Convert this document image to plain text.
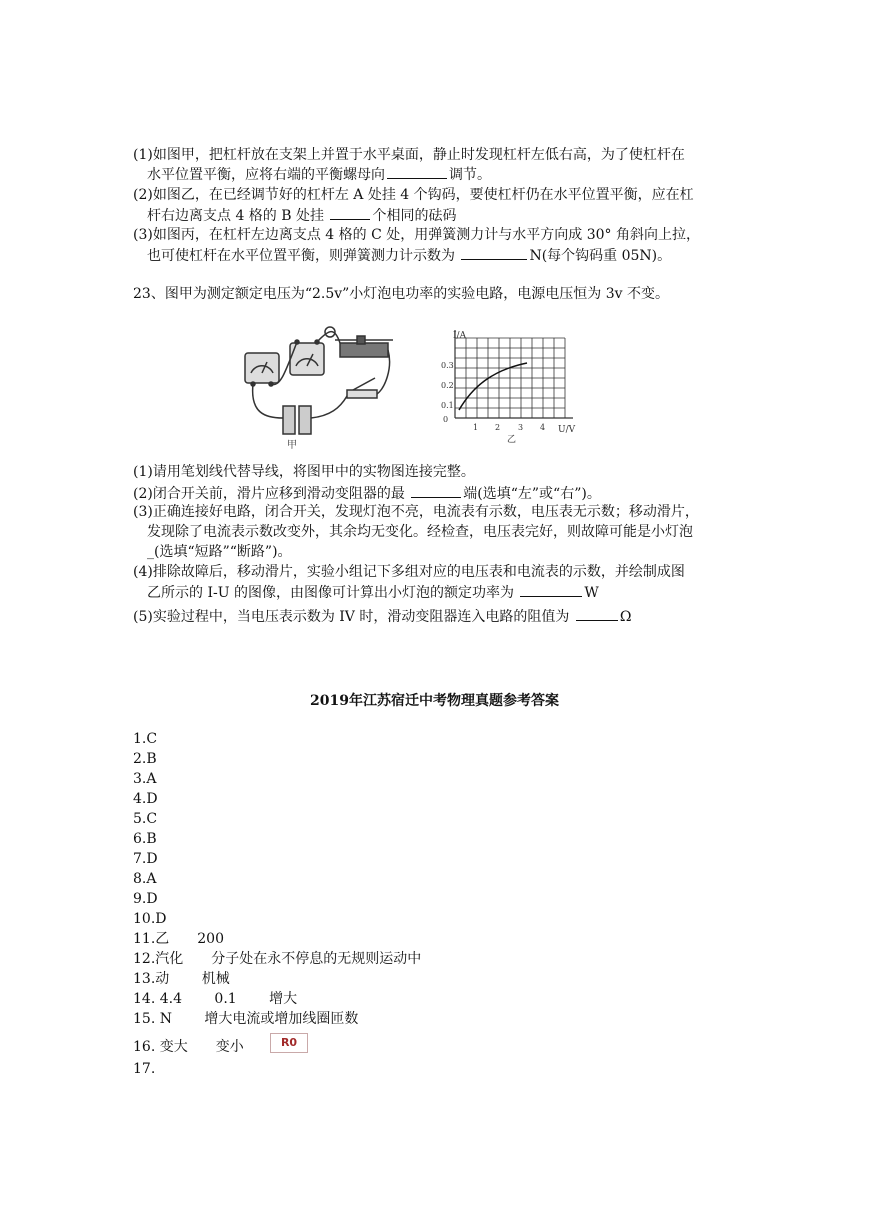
(1)如图甲，把杠杆放在支架上并置于水平桌面，静止时发现杠杆左低右高，为了使杠杆在
水平位置平衡，应将右端的平衡螺母向	调节。
(2)如图乙，在已经调节好的杠杆左 A 处挂 4 个钩码，要使杠杆仍在水平位置平衡，应在杠
杆右边离支点 4 格的 B 处挂	个相同的砝码
(3)如图丙，在杠杆左边离支点 4 格的 C 处，用弹簧测力计与水平方向成 30° 角斜向上拉，
也可使杠杆在水平位置平衡，则弹簧测力计示数为	N(每个钩码重 05N)。
23、图甲为测定额定电压为“2.5v”小灯泡电功率的实验电路，电源电压恒为 3v 不变。
甲
I/A
U/V
乙
0.3
0.2
0.1
0
1 2 3 4
(1)请用笔划线代替导线，将图甲中的实物图连接完整。
(2)闭合开关前，滑片应移到滑动变阻器的最	端(选填“左”或“右”)。
(3)正确连接好电路，闭合开关，发现灯泡不亮，电流表有示数，电压表无示数；移动滑片，
发现除了电流表示数改变外，其余均无变化。经检查，电压表完好，则故障可能是小灯泡
_(选填“短路”“断路”)。
(4)排除故障后，移动滑片，实验小组记下多组对应的电压表和电流表的示数，并绘制成图
乙所示的 I-U 的图像，由图像可计算出小灯泡的额定功率为	W
(5)实验过程中，当电压表示数为 IV 时，滑动变阻器连入电路的阻值为	Ω
2019年江苏宿迁中考物理真题参考答案
1.C
2.B
3.A
4.D
5.C
6.B
7.D
8.A
9.D
10.D
11.乙　　200
12.汽化　　分子处在永不停息的无规则运动中
13.动　　 机械
14. 4.4　　 0.1　　 增大
15. N　　 增大电流或增加线圈匝数
16. 变大　　变小
17.
R0
